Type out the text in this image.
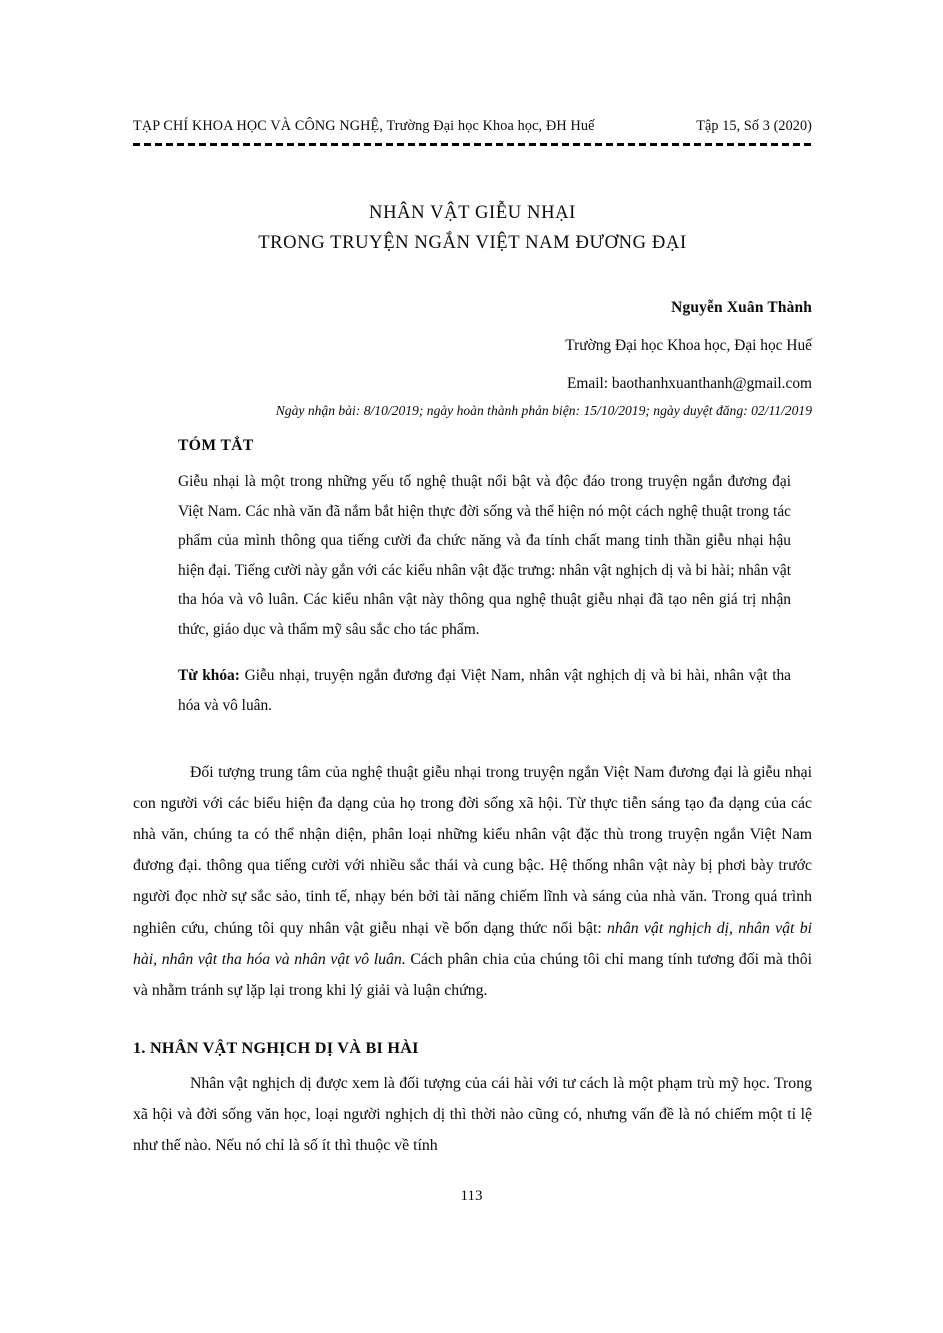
TẠP CHÍ KHOA HỌC VÀ CÔNG NGHỆ, Trường Đại học Khoa học, ĐH Huế	Tập 15, Số 3 (2020)
NHÂN VẬT GIỄU NHẠI
TRONG TRUYỆN NGẮN VIỆT NAM ĐƯƠNG ĐẠI
Nguyễn Xuân Thành
Trường Đại học Khoa học, Đại học Huế
Email: baothanhxuanthanh@gmail.com
Ngày nhận bài: 8/10/2019; ngày hoàn thành phản biện: 15/10/2019; ngày duyệt đăng: 02/11/2019
TÓM TẮT
Giễu nhại là một trong những yếu tố nghệ thuật nổi bật và độc đáo trong truyện ngắn đương đại Việt Nam. Các nhà văn đã nắm bắt hiện thực đời sống và thể hiện nó một cách nghệ thuật trong tác phẩm của mình thông qua tiếng cười đa chức năng và đa tính chất mang tinh thần giễu nhại hậu hiện đại. Tiếng cười này gắn với các kiểu nhân vật đặc trưng: nhân vật nghịch dị và bi hài; nhân vật tha hóa và vô luân. Các kiểu nhân vật này thông qua nghệ thuật giễu nhại đã tạo nên giá trị nhận thức, giáo dục và thẩm mỹ sâu sắc cho tác phẩm.
Từ khóa: Giễu nhại, truyện ngắn đương đại Việt Nam, nhân vật nghịch dị và bi hài, nhân vật tha hóa và vô luân.

Đối tượng trung tâm của nghệ thuật giễu nhại trong truyện ngắn Việt Nam đương đại là giễu nhại con người với các biểu hiện đa dạng của họ trong đời sống xã hội. Từ thực tiễn sáng tạo đa dạng của các nhà văn, chúng ta có thể nhận diện, phân loại những kiểu nhân vật đặc thù trong truyện ngắn Việt Nam đương đại. thông qua tiếng cười với nhiều sắc thái và cung bậc. Hệ thống nhân vật này bị phơi bày trước người đọc nhờ sự sắc sảo, tinh tế, nhạy bén bởi tài năng chiếm lĩnh và sáng của nhà văn. Trong quá trình nghiên cứu, chúng tôi quy nhân vật giễu nhại về bốn dạng thức nổi bật: nhân vật nghịch dị, nhân vật bi hài, nhân vật tha hóa và nhân vật vô luân. Cách phân chia của chúng tôi chỉ mang tính tương đối mà thôi và nhằm tránh sự lặp lại trong khi lý giải và luận chứng.

1. NHÂN VẬT NGHỊCH DỊ VÀ BI HÀI

Nhân vật nghịch dị được xem là đối tượng của cái hài với tư cách là một phạm trù mỹ học. Trong xã hội và đời sống văn học, loại người nghịch dị thì thời nào cũng có, nhưng vấn đề là nó chiếm một tỉ lệ như thế nào. Nếu nó chỉ là số ít thì thuộc về tính

113
